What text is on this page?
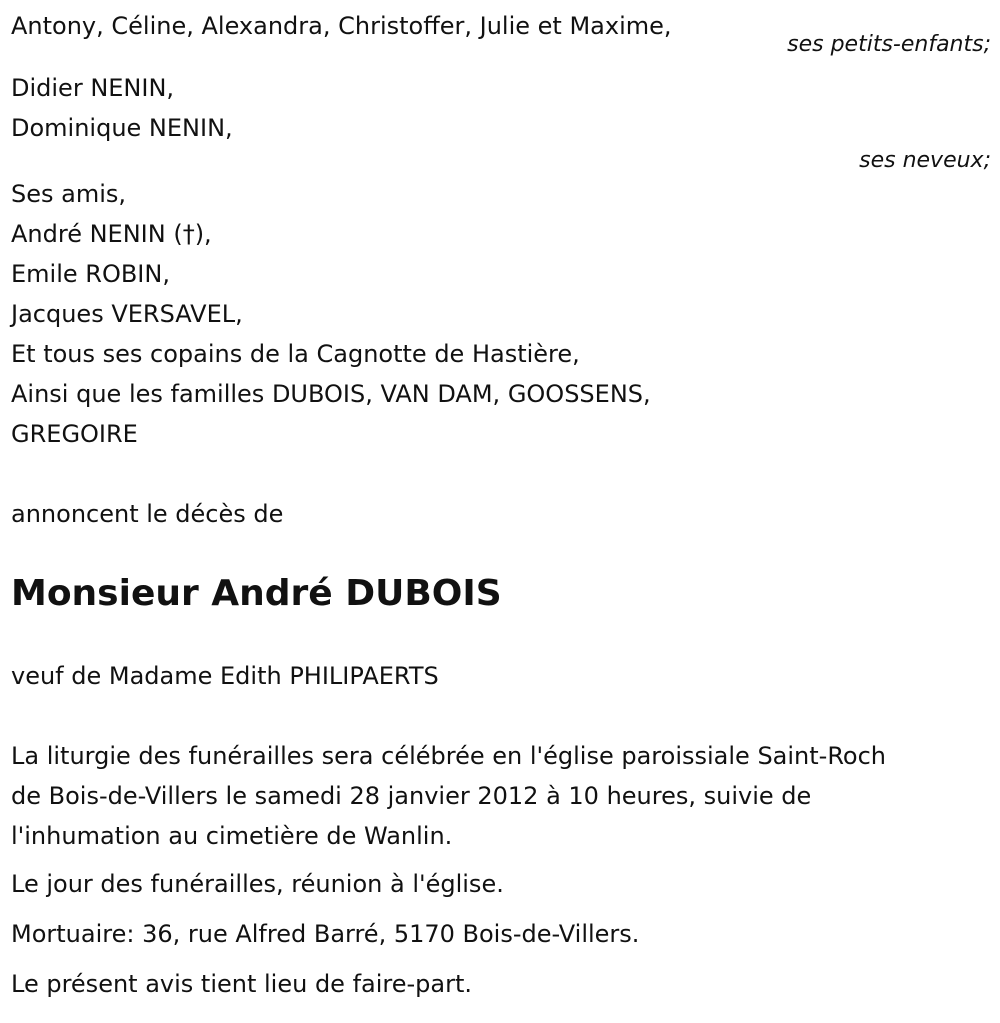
Antony, Céline, Alexandra, Christoffer, Julie et Maxime,
ses petits-enfants;
Didier NENIN,
Dominique NENIN,
ses neveux;
Ses amis,
André NENIN (†),
Emile ROBIN,
Jacques VERSAVEL,
Et tous ses copains de la Cagnotte de Hastière,
Ainsi que les familles DUBOIS, VAN DAM, GOOSSENS,
GREGOIRE
annoncent le décès de
Monsieur André DUBOIS
veuf de Madame Edith PHILIPAERTS
La liturgie des funérailles sera célébrée en l'église paroissiale Saint-Roch
de Bois-de-Villers le samedi 28 janvier 2012 à 10 heures, suivie de
l'inhumation au cimetière de Wanlin.
Le jour des funérailles, réunion à l'église.
Mortuaire: 36, rue Alfred Barré, 5170 Bois-de-Villers.
Le présent avis tient lieu de faire-part.
